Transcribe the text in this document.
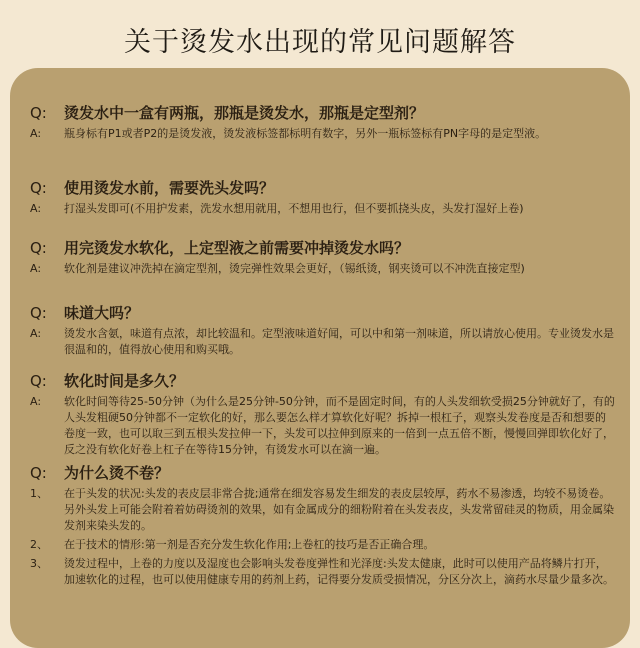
关于烫发水出现的常见问题解答
Q: 烫发水中一盒有两瓶，那瓶是烫发水，那瓶是定型剂？
A:	瓶身标有P1或者P2的是烫发液，烫发液标签都标明有数字，另外一瓶标签标有PN字母的是定型液。
Q: 使用烫发水前，需要洗头发吗？
A:	打湿头发即可(不用护发素，洗发水想用就用，不想用也行，但不要抓挠头皮，头发打湿好上卷)
Q: 用完烫发水软化，上定型液之前需要冲掉烫发水吗？
A:	软化剂是建议冲洗掉在滴定型剂，烫完弹性效果会更好，（锡纸烫，钢夹烫可以不冲洗直接定型)
Q: 味道大吗？
A:	烫发水含氨，味道有点浓，却比较温和。定型液味道好闻，可以中和第一剂味道，所以请放心使用。专业烫发水是很温和的，值得放心使用和购买哦。
Q: 软化时间是多久？
A:	软化时间等待25-50分钟（为什么是25分钟-50分钟，而不是固定时间，有的人头发细软受损25分钟就好了，有的人头发粗硬50分钟都不一定软化的好，那么要怎么样才算软化好呢？拆掉一根杠子，观察头发卷度是否和想要的卷度一致，也可以取三到五根头发拉伸一下，头发可以拉伸到原来的一倍到一点五倍不断，慢慢回弹即软化好了，反之没有软化好卷上杠子在等待15分钟，有烫发水可以在滴一遍。
Q: 为什么烫不卷？
1、	在于头发的状况:头发的表皮层非常合拢;通常在细发容易发生细发的表皮层较厚，药水不易渗透，均较不易烫卷。另外头发上可能会附着着妨碍烫剂的效果，如有金属成分的细粉附着在头发表皮，头发常留硅灵的物质，用金属染发剂来染头发的。
2、	在于技术的情形:第一剂是否充分发生软化作用;上卷杠的技巧是否正确合理。
3、	烫发过程中，上卷的力度以及湿度也会影响头发卷度弹性和光泽度:头发太健康，此时可以使用产品将鳞片打开，加速软化的过程，也可以使用健康专用的药剂上药，记得要分发质受损情况，分区分次上，滴药水尽量少量多次。
